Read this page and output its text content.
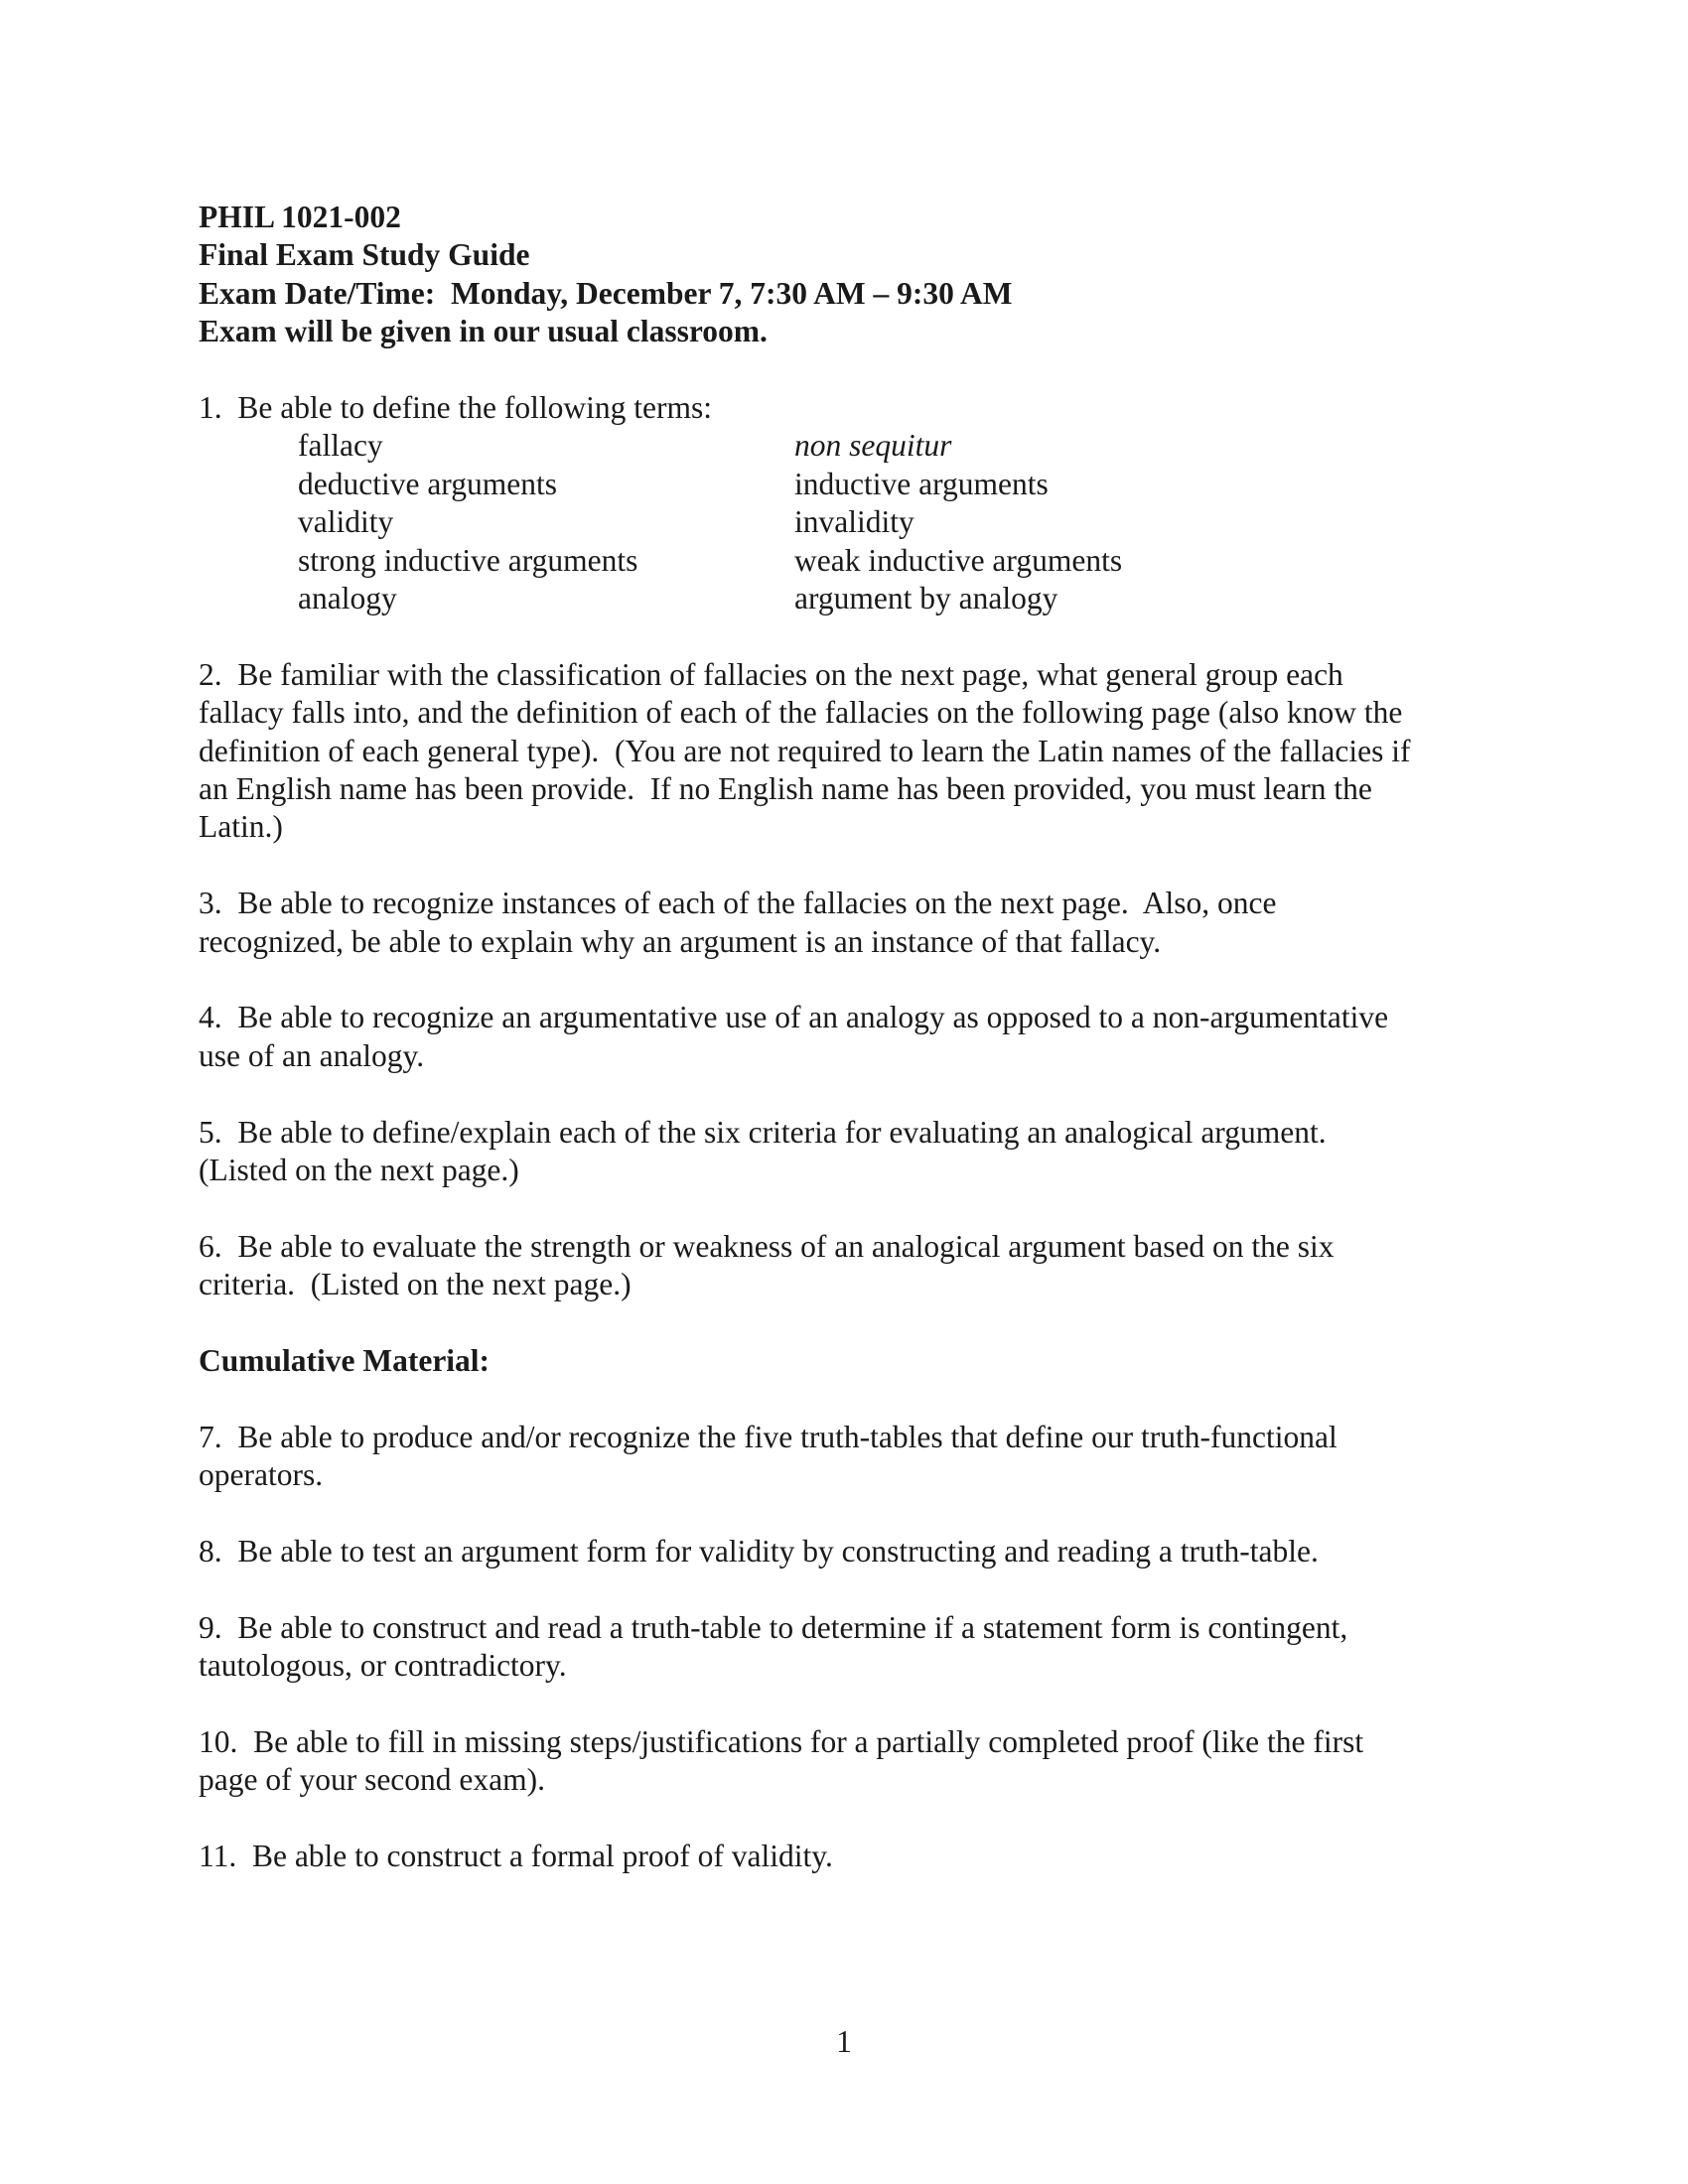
PHIL 1021-002
Final Exam Study Guide
Exam Date/Time:  Monday, December 7, 7:30 AM – 9:30 AM
Exam will be given in our usual classroom.
1.  Be able to define the following terms:
fallacy	non sequitur
deductive arguments	inductive arguments
validity	invalidity
strong inductive arguments	weak inductive arguments
analogy	argument by analogy
2.  Be familiar with the classification of fallacies on the next page, what general group each
fallacy falls into, and the definition of each of the fallacies on the following page (also know the
definition of each general type).  (You are not required to learn the Latin names of the fallacies if
an English name has been provide.  If no English name has been provided, you must learn the
Latin.)
3.  Be able to recognize instances of each of the fallacies on the next page.  Also, once
recognized, be able to explain why an argument is an instance of that fallacy.
4.  Be able to recognize an argumentative use of an analogy as opposed to a non-argumentative
use of an analogy.
5.  Be able to define/explain each of the six criteria for evaluating an analogical argument.
(Listed on the next page.)
6.  Be able to evaluate the strength or weakness of an analogical argument based on the six
criteria.  (Listed on the next page.)
Cumulative Material:
7.  Be able to produce and/or recognize the five truth-tables that define our truth-functional
operators.
8.  Be able to test an argument form for validity by constructing and reading a truth-table.
9.  Be able to construct and read a truth-table to determine if a statement form is contingent,
tautologous, or contradictory.
10.  Be able to fill in missing steps/justifications for a partially completed proof (like the first
page of your second exam).
11.  Be able to construct a formal proof of validity.
1
